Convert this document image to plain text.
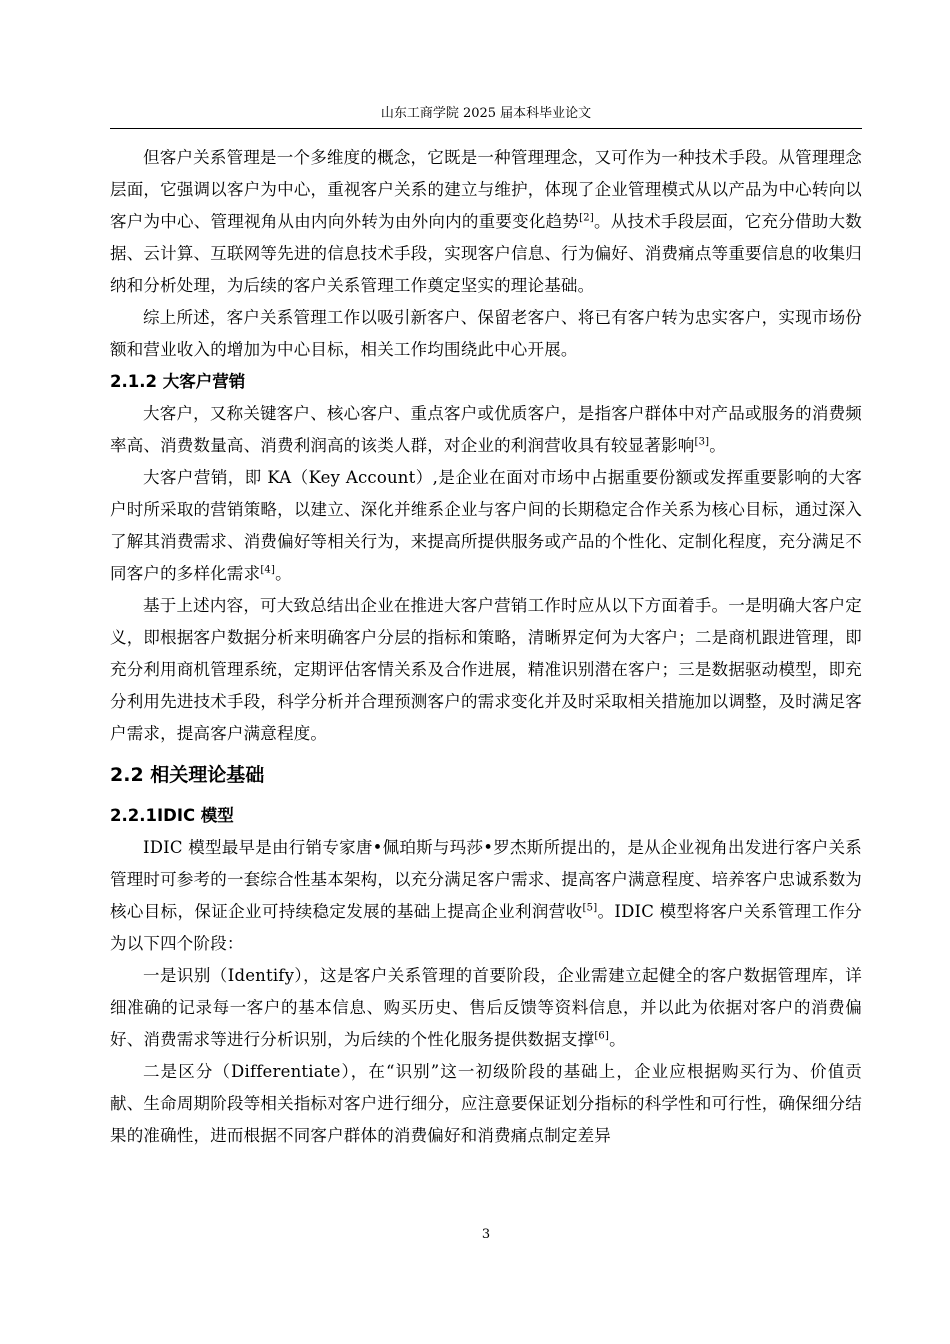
山东工商学院 2025 届本科毕业论文

但客户关系管理是一个多维度的概念，它既是一种管理理念，又可作为一种技术手段。从管理理念层面，它强调以客户为中心，重视客户关系的建立与维护，体现了企业管理模式从以产品为中心转向以客户为中心、管理视角从由内向外转为由外向内的重要变化趋势[2]。从技术手段层面，它充分借助大数据、云计算、互联网等先进的信息技术手段，实现客户信息、行为偏好、消费痛点等重要信息的收集归纳和分析处理，为后续的客户关系管理工作奠定坚实的理论基础。

综上所述，客户关系管理工作以吸引新客户、保留老客户、将已有客户转为忠实客户，实现市场份额和营业收入的增加为中心目标，相关工作均围绕此中心开展。

2.1.2 大客户营销

大客户，又称关键客户、核心客户、重点客户或优质客户，是指客户群体中对产品或服务的消费频率高、消费数量高、消费利润高的该类人群，对企业的利润营收具有较显著影响[3]。

大客户营销，即 KA（Key Account）,是企业在面对市场中占据重要份额或发挥重要影响的大客户时所采取的营销策略，以建立、深化并维系企业与客户间的长期稳定合作关系为核心目标，通过深入了解其消费需求、消费偏好等相关行为，来提高所提供服务或产品的个性化、定制化程度，充分满足不同客户的多样化需求[4]。

基于上述内容，可大致总结出企业在推进大客户营销工作时应从以下方面着手。一是明确大客户定义，即根据客户数据分析来明确客户分层的指标和策略，清晰界定何为大客户；二是商机跟进管理，即充分利用商机管理系统，定期评估客情关系及合作进展，精准识别潜在客户；三是数据驱动模型，即充分利用先进技术手段，科学分析并合理预测客户的需求变化并及时采取相关措施加以调整，及时满足客户需求，提高客户满意程度。

2.2 相关理论基础
2.2.1IDIC 模型

IDIC 模型最早是由行销专家唐•佩珀斯与玛莎•罗杰斯所提出的，是从企业视角出发进行客户关系管理时可参考的一套综合性基本架构，以充分满足客户需求、提高客户满意程度、培养客户忠诚系数为核心目标，保证企业可持续稳定发展的基础上提高企业利润营收[5]。IDIC 模型将客户关系管理工作分为以下四个阶段：

一是识别（Identify），这是客户关系管理的首要阶段，企业需建立起健全的客户数据管理库，详细准确的记录每一客户的基本信息、购买历史、售后反馈等资料信息，并以此为依据对客户的消费偏好、消费需求等进行分析识别，为后续的个性化服务提供数据支撑[6]。

二是区分（Differentiate），在“识别”这一初级阶段的基础上，企业应根据购买行为、价值贡献、生命周期阶段等相关指标对客户进行细分，应注意要保证划分指标的科学性和可行性，确保细分结果的准确性，进而根据不同客户群体的消费偏好和消费痛点制定差异

3
